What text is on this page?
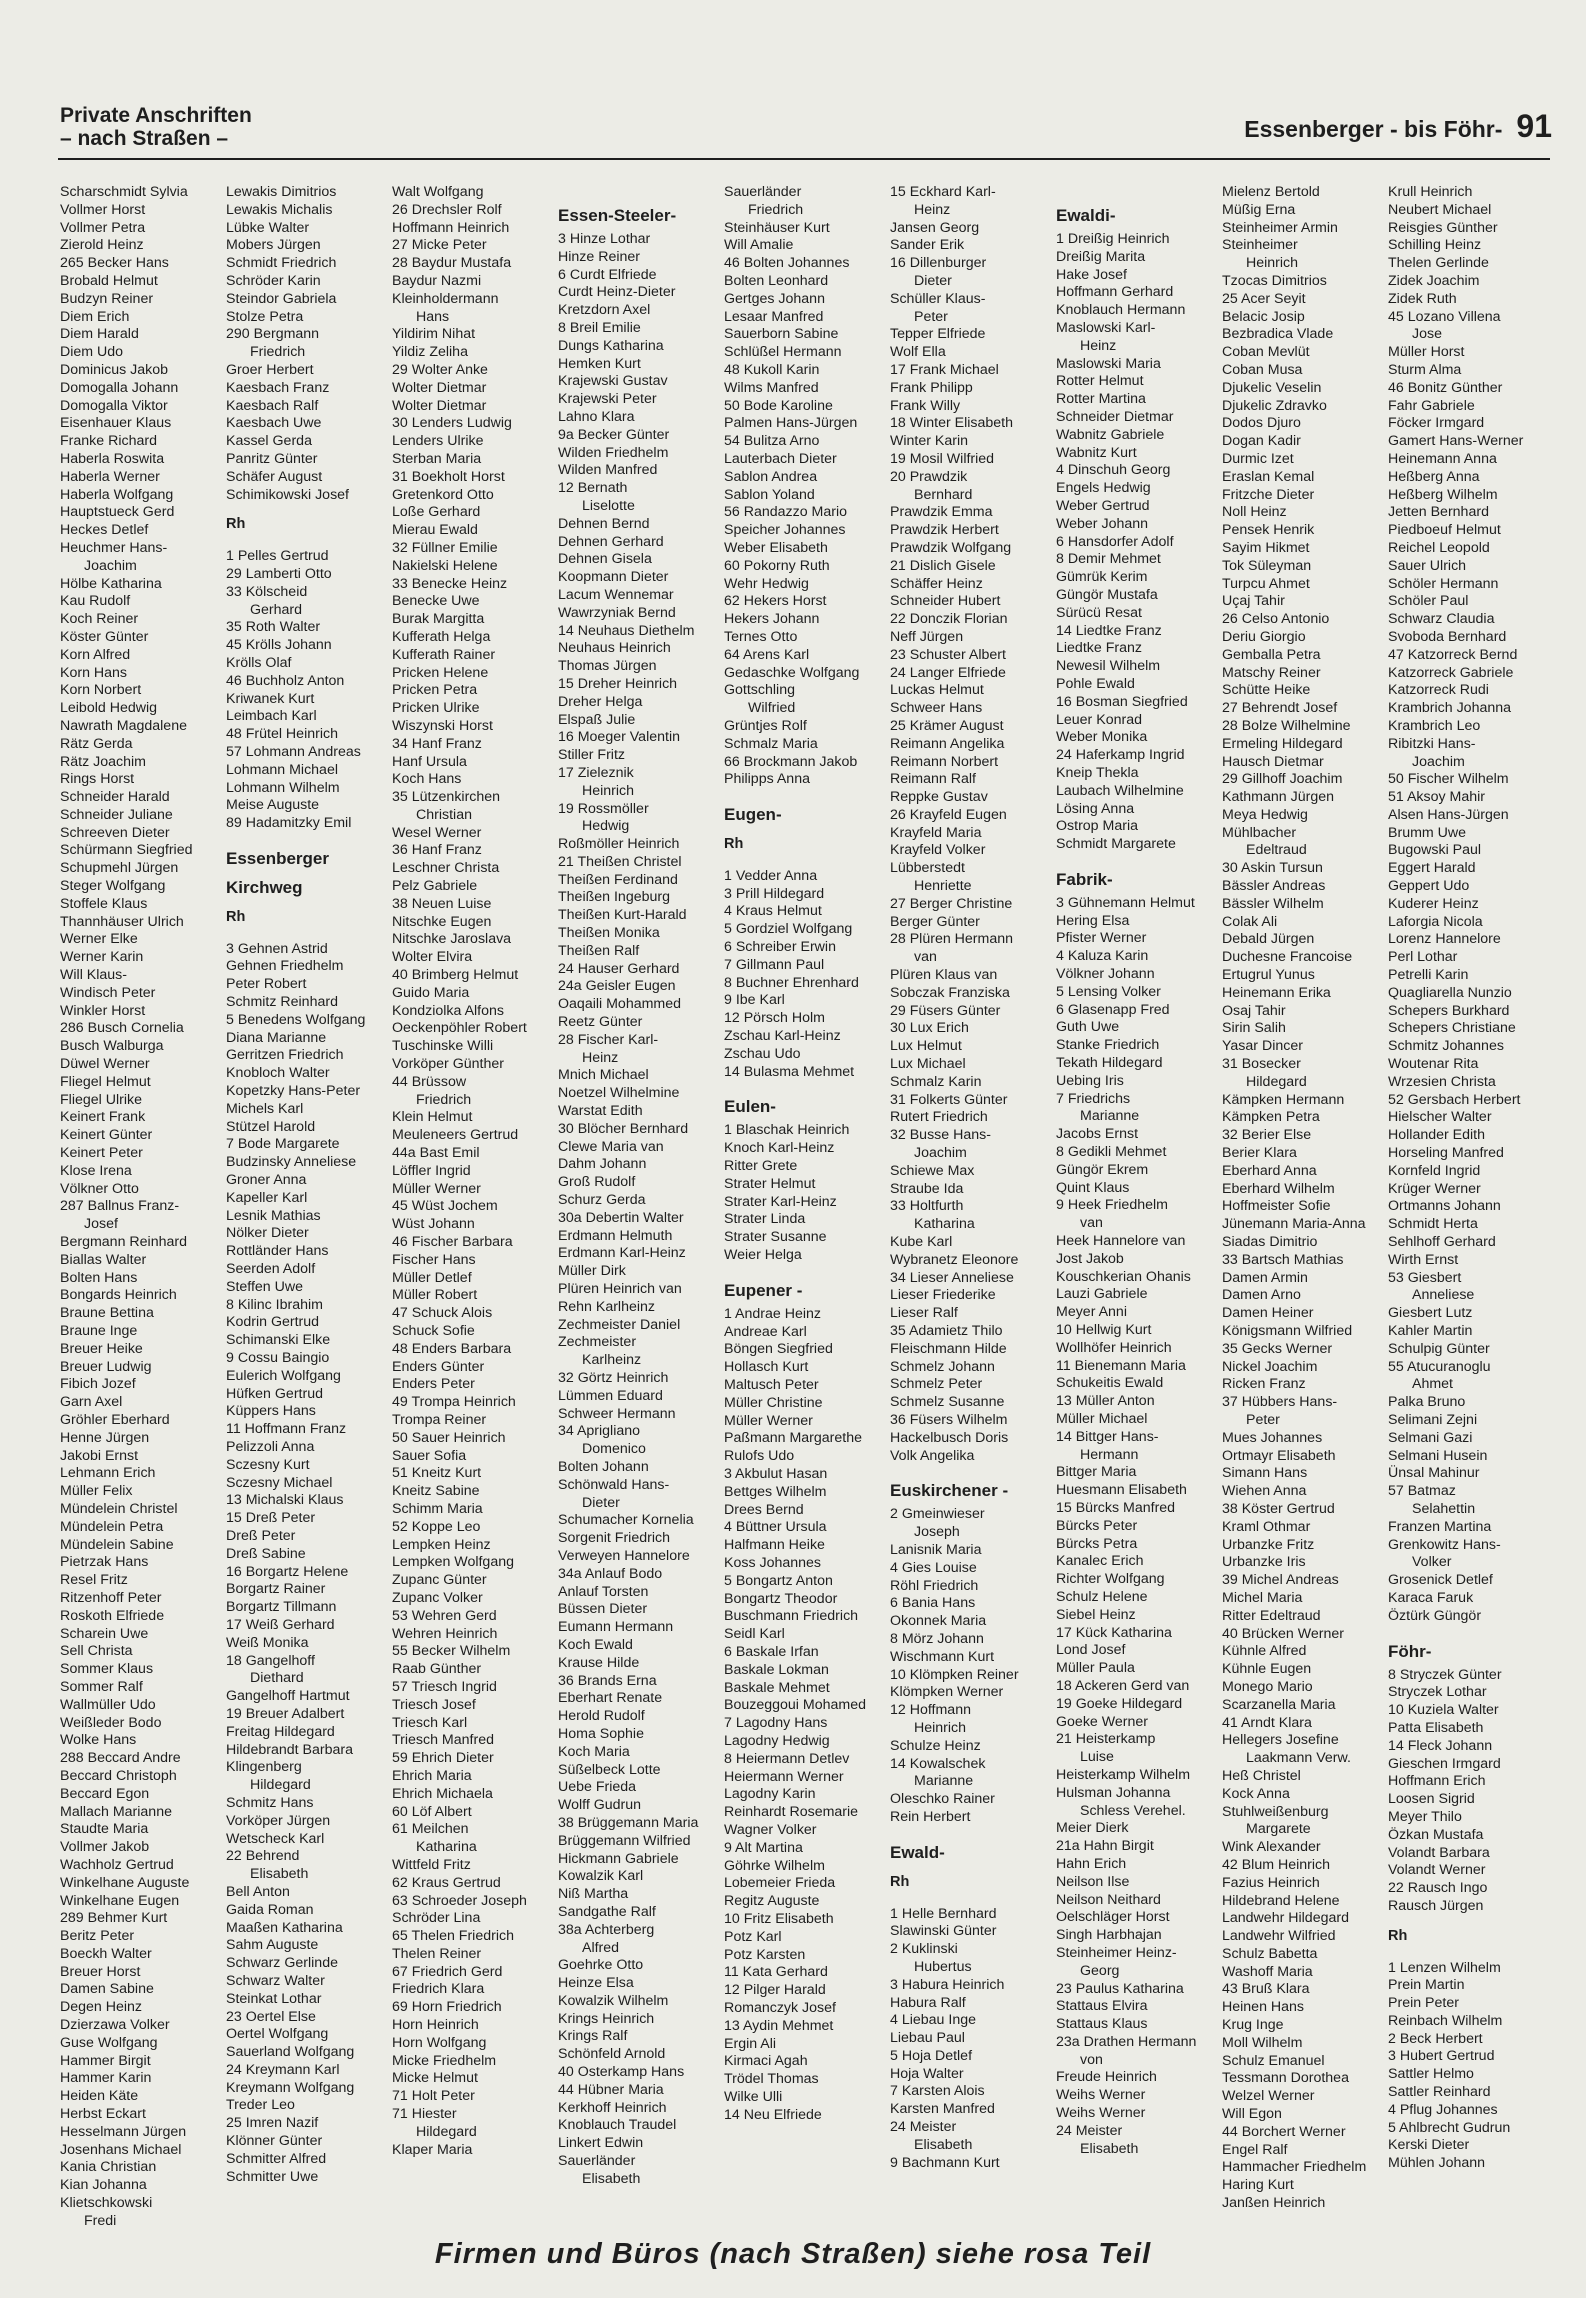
Private Anschriften
– nach Straßen –	Essenberger - bis Föhr- 91
Scharschmidt Sylvia
Vollmer Horst
Vollmer Petra
Zierold Heinz
265 Becker Hans
Brobald Helmut
Budzyn Reiner
Diem Erich
Diem Harald
Diem Udo
Dominicus Jakob
Domogalla Johann
Domogalla Viktor
Eisenhauer Klaus
Franke Richard
Haberla Roswita
Haberla Werner
Haberla Wolfgang
Hauptstueck Gerd
Heckes Detlef
Heuchmer Hans-
Joachim
Hölbe Katharina
Kau Rudolf
Koch Reiner
Köster Günter
Korn Alfred
Korn Hans
Korn Norbert
Leibold Hedwig
Nawrath Magdalene
Rätz Gerda
Rätz Joachim
Rings Horst
Schneider Harald
Schneider Juliane
Schreeven Dieter
Schürmann Siegfried
Schupmehl Jürgen
Steger Wolfgang
Stoffele Klaus
Thannhäuser Ulrich
Werner Elke
Werner Karin
Will Klaus-
Windisch Peter
Winkler Horst
286 Busch Cornelia
Busch Walburga
Düwel Werner
Fliegel Helmut
Fliegel Ulrike
Keinert Frank
Keinert Günter
Keinert Peter
Klose Irena
Völkner Otto
287 Ballnus Franz-
Josef
Bergmann Reinhard
Biallas Walter
Bolten Hans
Bongards Heinrich
Braune Bettina
Braune Inge
Breuer Heike
Breuer Ludwig
Fibich Jozef
Garn Axel
Gröhler Eberhard
Henne Jürgen
Jakobi Ernst
Lehmann Erich
Müller Felix
Mündelein Christel
Mündelein Petra
Mündelein Sabine
Pietrzak Hans
Resel Fritz
Ritzenhoff Peter
Roskoth Elfriede
Scharein Uwe
Sell Christa
Sommer Klaus
Sommer Ralf
Wallmüller Udo
Weißleder Bodo
Wolke Hans
288 Beccard Andre
Beccard Christoph
Beccard Egon
Mallach Marianne
Staudte Maria
Vollmer Jakob
Wachholz Gertrud
Winkelhane Auguste
Winkelhane Eugen
289 Behmer Kurt
Beritz Peter
Boeckh Walter
Breuer Horst
Damen Sabine
Degen Heinz
Dzierzawa Volker
Guse Wolfgang
Hammer Birgit
Hammer Karin
Heiden Käte
Herbst Eckart
Hesselmann Jürgen
Josenhans Michael
Kania Christian
Kian Johanna
Klietschkowski
Fredi
Lewakis Dimitrios
Lewakis Michalis
Lübke Walter
Mobers Jürgen
Schmidt Friedrich
Schröder Karin
Steindor Gabriela
Stolze Petra
290 Bergmann
Friedrich
Groer Herbert
Kaesbach Franz
Kaesbach Ralf
Kaesbach Uwe
Kassel Gerda
Panritz Günter
Schäfer August
Schimikowski Josef
Rh
1 Pelles Gertrud
29 Lamberti Otto
33 Kölscheid
Gerhard
35 Roth Walter
45 Krölls Johann
Krölls Olaf
46 Buchholz Anton
Kriwanek Kurt
Leimbach Karl
48 Frütel Heinrich
57 Lohmann Andreas
Lohmann Michael
Lohmann Wilhelm
Meise Auguste
89 Hadamitzky Emil
Essenberger
Kirchweg
Rh
3 Gehnen Astrid
Gehnen Friedhelm
Peter Robert
Schmitz Reinhard
5 Benedens Wolfgang
Diana Marianne
Gerritzen Friedrich
Knobloch Walter
Kopetzky Hans-Peter
Michels Karl
Stützel Harold
7 Bode Margarete
Budzinsky Anneliese
Groner Anna
Kapeller Karl
Lesnik Mathias
Nölker Dieter
Rottländer Hans
Seerden Adolf
Steffen Uwe
8 Kilinc Ibrahim
Kodrin Gertrud
Schimanski Elke
9 Cossu Baingio
Eulerich Wolfgang
Hüfken Gertrud
Küppers Hans
11 Hoffmann Franz
Pelizzoli Anna
Sczesny Kurt
Sczesny Michael
13 Michalski Klaus
15 Dreß Peter
Dreß Peter
Dreß Sabine
16 Borgartz Helene
Borgartz Rainer
Borgartz Tillmann
17 Weiß Gerhard
Weiß Monika
18 Gangelhoff
Diethard
Gangelhoff Hartmut
19 Breuer Adalbert
Freitag Hildegard
Hildebrandt Barbara
Klingenberg
Hildegard
Schmitz Hans
Vorköper Jürgen
Wetscheck Karl
22 Behrend
Elisabeth
Bell Anton
Gaida Roman
Maaßen Katharina
Sahm Auguste
Schwarz Gerlinde
Schwarz Walter
Steinkat Lothar
23 Oertel Else
Oertel Wolfgang
Sauerland Wolfgang
24 Kreymann Karl
Kreymann Wolfgang
Treder Leo
25 Imren Nazif
Klönner Günter
Schmitter Alfred
Schmitter Uwe
Walt Wolfgang
26 Drechsler Rolf
Hoffmann Heinrich
27 Micke Peter
28 Baydur Mustafa
Baydur Nazmi
Kleinholdermann
Hans
Yildirim Nihat
Yildiz Zeliha
29 Wolter Anke
Wolter Dietmar
Wolter Dietmar
30 Lenders Ludwig
Lenders Ulrike
Sterban Maria
31 Boekholt Horst
Gretenkord Otto
Loße Gerhard
Mierau Ewald
32 Füllner Emilie
Nakielski Helene
33 Benecke Heinz
Benecke Uwe
Burak Margitta
Kufferath Helga
Kufferath Rainer
Pricken Helene
Pricken Petra
Pricken Ulrike
Wiszynski Horst
34 Hanf Franz
Hanf Ursula
Koch Hans
35 Lützenkirchen
Christian
Wesel Werner
36 Hanf Franz
Leschner Christa
Pelz Gabriele
38 Neuen Luise
Nitschke Eugen
Nitschke Jaroslava
Wolter Elvira
40 Brimberg Helmut
Guido Maria
Kondziolka Alfons
Oeckenpöhler Robert
Tuschinske Willi
Vorköper Günther
44 Brüssow
Friedrich
Klein Helmut
Meuleneers Gertrud
44a Bast Emil
Löffler Ingrid
Müller Werner
45 Wüst Jochem
Wüst Johann
46 Fischer Barbara
Fischer Hans
Müller Detlef
Müller Robert
47 Schuck Alois
Schuck Sofie
48 Enders Barbara
Enders Günter
Enders Peter
49 Trompa Heinrich
Trompa Reiner
50 Sauer Heinrich
Sauer Sofia
51 Kneitz Kurt
Kneitz Sabine
Schimm Maria
52 Koppe Leo
Lempken Heinz
Lempken Wolfgang
Zupanc Günter
Zupanc Volker
53 Wehren Gerd
Wehren Heinrich
55 Becker Wilhelm
Raab Günther
57 Triesch Ingrid
Triesch Josef
Triesch Karl
Triesch Manfred
59 Ehrich Dieter
Ehrich Maria
Ehrich Michaela
60 Löf Albert
61 Meilchen
Katharina
Wittfeld Fritz
62 Kraus Gertrud
63 Schroeder Joseph
Schröder Lina
65 Thelen Friedrich
Thelen Reiner
67 Friedrich Gerd
Friedrich Klara
69 Horn Friedrich
Horn Heinrich
Horn Wolfgang
Micke Friedhelm
Micke Helmut
71 Holt Peter
71 Hiester
Hildegard
Klaper Maria
Essen-Steeler-
3 Hinze Lothar
Hinze Reiner
6 Curdt Elfriede
Curdt Heinz-Dieter
Kretzdorn Axel
8 Breil Emilie
Dungs Katharina
Hemken Kurt
Krajewski Gustav
Krajewski Peter
Lahno Klara
9a Becker Günter
Wilden Friedhelm
Wilden Manfred
12 Bernath
Liselotte
Dehnen Bernd
Dehnen Gerhard
Dehnen Gisela
Koopmann Dieter
Lacum Wennemar
Wawrzyniak Bernd
14 Neuhaus Diethelm
Neuhaus Heinrich
Thomas Jürgen
15 Dreher Heinrich
Dreher Helga
Elspaß Julie
16 Moeger Valentin
Stiller Fritz
17 Zieleznik
Heinrich
19 Rossmöller
Hedwig
Roßmöller Heinrich
21 Theißen Christel
Theißen Ferdinand
Theißen Ingeburg
Theißen Kurt-Harald
Theißen Monika
Theißen Ralf
24 Hauser Gerhard
24a Geisler Eugen
Oaqaili Mohammed
Reetz Günter
28 Fischer Karl-
Heinz
Mnich Michael
Noetzel Wilhelmine
Warstat Edith
30 Blöcher Bernhard
Clewe Maria van
Dahm Johann
Groß Rudolf
Schurz Gerda
30a Debertin Walter
Erdmann Helmuth
Erdmann Karl-Heinz
Müller Dirk
Plüren Heinrich van
Rehn Karlheinz
Zechmeister Daniel
Zechmeister
Karlheinz
32 Görtz Heinrich
Lümmen Eduard
Schweer Hermann
34 Aprigliano
Domenico
Bolten Johann
Schönwald Hans-
Dieter
Schumacher Kornelia
Sorgenit Friedrich
Verweyen Hannelore
34a Anlauf Bodo
Anlauf Torsten
Büssen Dieter
Eumann Hermann
Koch Ewald
Krause Hilde
36 Brands Erna
Eberhart Renate
Herold Rudolf
Homa Sophie
Koch Maria
Süßelbeck Lotte
Uebe Frieda
Wolff Gudrun
38 Brüggemann Maria
Brüggemann Wilfried
Hickmann Gabriele
Kowalzik Karl
Niß Martha
Sandgathe Ralf
38a Achterberg
Alfred
Goehrke Otto
Heinze Elsa
Kowalzik Wilhelm
Krings Heinrich
Krings Ralf
Schönfeld Arnold
40 Osterkamp Hans
44 Hübner Maria
Kerkhoff Heinrich
Knoblauch Traudel
Linkert Edwin
Sauerländer
Elisabeth
Sauerländer
Friedrich
Steinhäuser Kurt
Will Amalie
46 Bolten Johannes
Bolten Leonhard
Gertges Johann
Lesaar Manfred
Sauerborn Sabine
Schlüßel Hermann
48 Kukoll Karin
Wilms Manfred
50 Bode Karoline
Palmen Hans-Jürgen
54 Bulitza Arno
Lauterbach Dieter
Sablon Andrea
Sablon Yoland
56 Randazzo Mario
Speicher Johannes
Weber Elisabeth
60 Pokorny Ruth
Wehr Hedwig
62 Hekers Horst
Hekers Johann
Ternes Otto
64 Arens Karl
Gedaschke Wolfgang
Gottschling
Wilfried
Grüntjes Rolf
Schmalz Maria
66 Brockmann Jakob
Philipps Anna
Eugen-
Rh
1 Vedder Anna
3 Prill Hildegard
4 Kraus Helmut
5 Gordziel Wolfgang
6 Schreiber Erwin
7 Gillmann Paul
8 Buchner Ehrenhard
9 Ibe Karl
12 Pörsch Holm
Zschau Karl-Heinz
Zschau Udo
14 Bulasma Mehmet
Eulen-
1 Blaschak Heinrich
Knoch Karl-Heinz
Ritter Grete
Strater Helmut
Strater Karl-Heinz
Strater Linda
Strater Susanne
Weier Helga
Eupener -
1 Andrae Heinz
Andreae Karl
Böngen Siegfried
Hollasch Kurt
Maltusch Peter
Müller Christine
Müller Werner
Paßmann Margarethe
Rulofs Udo
3 Akbulut Hasan
Bettges Wilhelm
Drees Bernd
4 Büttner Ursula
Halfmann Heike
Koss Johannes
5 Bongartz Anton
Bongartz Theodor
Buschmann Friedrich
Seidl Karl
6 Baskale Irfan
Baskale Lokman
Baskale Mehmet
Bouzeggoui Mohamed
7 Lagodny Hans
Lagodny Hedwig
8 Heiermann Detlev
Heiermann Werner
Lagodny Karin
Reinhardt Rosemarie
Wagner Volker
9 Alt Martina
Göhrke Wilhelm
Lobemeier Frieda
Regitz Auguste
10 Fritz Elisabeth
Potz Karl
Potz Karsten
11 Kata Gerhard
12 Pilger Harald
Romanczyk Josef
13 Aydin Mehmet
Ergin Ali
Kirmaci Agah
Trödel Thomas
Wilke Ulli
14 Neu Elfriede
15 Eckhard Karl-
Heinz
Jansen Georg
Sander Erik
16 Dillenburger
Dieter
Schüller Klaus-
Peter
Tepper Elfriede
Wolf Ella
17 Frank Michael
Frank Philipp
Frank Willy
18 Winter Elisabeth
Winter Karin
19 Mosil Wilfried
20 Prawdzik
Bernhard
Prawdzik Emma
Prawdzik Herbert
Prawdzik Wolfgang
21 Dislich Gisele
Schäffer Heinz
Schneider Hubert
22 Donczik Florian
Neff Jürgen
23 Schuster Albert
24 Langer Elfriede
Luckas Helmut
Schweer Hans
25 Krämer August
Reimann Angelika
Reimann Norbert
Reimann Ralf
Reppke Gustav
26 Krayfeld Eugen
Krayfeld Maria
Krayfeld Volker
Lübberstedt
Henriette
27 Berger Christine
Berger Günter
28 Plüren Hermann
van
Plüren Klaus van
Sobczak Franziska
29 Füsers Günter
30 Lux Erich
Lux Helmut
Lux Michael
Schmalz Karin
31 Folkerts Günter
Rutert Friedrich
32 Busse Hans-
Joachim
Schiewe Max
Straube Ida
33 Holtfurth
Katharina
Kube Karl
Wybranetz Eleonore
34 Lieser Anneliese
Lieser Friederike
Lieser Ralf
35 Adamietz Thilo
Fleischmann Hilde
Schmelz Johann
Schmelz Peter
Schmelz Susanne
36 Füsers Wilhelm
Hackelbusch Doris
Volk Angelika
Euskirchener -
2 Gmeinwieser
Joseph
Lanisnik Maria
4 Gies Louise
Röhl Friedrich
6 Bania Hans
Okonnek Maria
8 Mörz Johann
Wischmann Kurt
10 Klömpken Reiner
Klömpken Werner
12 Hoffmann
Heinrich
Schulze Heinz
14 Kowalschek
Marianne
Oleschko Rainer
Rein Herbert
Ewald-
Rh
1 Helle Bernhard
Slawinski Günter
2 Kuklinski
Hubertus
3 Habura Heinrich
Habura Ralf
4 Liebau Inge
Liebau Paul
5 Hoja Detlef
Hoja Walter
7 Karsten Alois
Karsten Manfred
24 Meister
Elisabeth
9 Bachmann Kurt
Ewaldi-
1 Dreißig Heinrich
Dreißig Marita
Hake Josef
Hoffmann Gerhard
Knoblauch Hermann
Maslowski Karl-
Heinz
Maslowski Maria
Rotter Helmut
Rotter Martina
Schneider Dietmar
Wabnitz Gabriele
Wabnitz Kurt
4 Dinschuh Georg
Engels Hedwig
Weber Gertrud
Weber Johann
6 Hansdorfer Adolf
8 Demir Mehmet
Gümrük Kerim
Güngör Mustafa
Sürücü Resat
14 Liedtke Franz
Liedtke Franz
Newesil Wilhelm
Pohle Ewald
16 Bosman Siegfried
Leuer Konrad
Weber Monika
24 Haferkamp Ingrid
Kneip Thekla
Laubach Wilhelmine
Lösing Anna
Ostrop Maria
Schmidt Margarete
Fabrik-
3 Gühnemann Helmut
Hering Elsa
Pfister Werner
4 Kaluza Karin
Völkner Johann
5 Lensing Volker
6 Glasenapp Fred
Guth Uwe
Stanke Friedrich
Tekath Hildegard
Uebing Iris
7 Friedrichs
Marianne
Jacobs Ernst
8 Gedikli Mehmet
Güngör Ekrem
Quint Klaus
9 Heek Friedhelm
van
Heek Hannelore van
Jost Jakob
Kouschkerian Ohanis
Lauzi Gabriele
Meyer Anni
10 Hellwig Kurt
Wollhöfer Heinrich
11 Bienemann Maria
Schukeitis Ewald
13 Müller Anton
Müller Michael
14 Bittger Hans-
Hermann
Bittger Maria
Huesmann Elisabeth
15 Bürcks Manfred
Bürcks Peter
Bürcks Petra
Kanalec Erich
Richter Wolfgang
Schulz Helene
Siebel Heinz
17 Kück Katharina
Lond Josef
Müller Paula
18 Ackeren Gerd van
19 Goeke Hildegard
Goeke Werner
21 Heisterkamp
Luise
Heisterkamp Wilhelm
Hulsman Johanna
Schless Verehel.
Meier Dierk
21a Hahn Birgit
Hahn Erich
Neilson Ilse
Neilson Neithard
Oelschläger Horst
Singh Harbhajan
Steinheimer Heinz-
Georg
23 Paulus Katharina
Stattaus Elvira
Stattaus Klaus
23a Drathen Hermann
von
Freude Heinrich
Weihs Werner
Weihs Werner
24 Meister
Elisabeth
Mielenz Bertold
Müßig Erna
Steinheimer Armin
Steinheimer
Heinrich
Tzocas Dimitrios
25 Acer Seyit
Belacic Josip
Bezbradica Vlade
Coban Mevlüt
Coban Musa
Djukelic Veselin
Djukelic Zdravko
Dodos Djuro
Dogan Kadir
Durmic Izet
Eraslan Kemal
Fritzche Dieter
Noll Heinz
Pensek Henrik
Sayim Hikmet
Tok Süleyman
Turpcu Ahmet
Uçaj Tahir
26 Celso Antonio
Deriu Giorgio
Gemballa Petra
Matschy Reiner
Schütte Heike
27 Behrendt Josef
28 Bolze Wilhelmine
Ermeling Hildegard
Hausch Dietmar
29 Gillhoff Joachim
Kathmann Jürgen
Meya Hedwig
Mühlbacher
Edeltraud
30 Askin Tursun
Bässler Andreas
Bässler Wilhelm
Colak Ali
Debald Jürgen
Duchesne Francoise
Ertugrul Yunus
Heinemann Erika
Osaj Tahir
Sirin Salih
Yasar Dincer
31 Bosecker
Hildegard
Kämpken Hermann
Kämpken Petra
32 Berier Else
Berier Klara
Eberhard Anna
Eberhard Wilhelm
Hoffmeister Sofie
Jünemann Maria-Anna
Siadas Dimitrio
33 Bartsch Mathias
Damen Armin
Damen Arno
Damen Heiner
Königsmann Wilfried
35 Gecks Werner
Nickel Joachim
Ricken Franz
37 Hübbers Hans-
Peter
Mues Johannes
Ortmayr Elisabeth
Simann Hans
Wiehen Anna
38 Köster Gertrud
Kraml Othmar
Urbanzke Fritz
Urbanzke Iris
39 Michel Andreas
Michel Maria
Ritter Edeltraud
40 Brücken Werner
Kühnle Alfred
Kühnle Eugen
Monego Mario
Scarzanella Maria
41 Arndt Klara
Hellegers Josefine
Laakmann Verw.
Heß Christel
Kock Anna
Stuhlweißenburg
Margarete
Wink Alexander
42 Blum Heinrich
Fazius Heinrich
Hildebrand Helene
Landwehr Hildegard
Landwehr Wilfried
Schulz Babetta
Washoff Maria
43 Bruß Klara
Heinen Hans
Krug Inge
Moll Wilhelm
Schulz Emanuel
Tessmann Dorothea
Welzel Werner
Will Egon
44 Borchert Werner
Engel Ralf
Hammacher Friedhelm
Haring Kurt
Janßen Heinrich
Krull Heinrich
Neubert Michael
Reisgies Günther
Schilling Heinz
Thelen Gerlinde
Zidek Joachim
Zidek Ruth
45 Lozano Villena
Jose
Müller Horst
Sturm Alma
46 Bonitz Günther
Fahr Gabriele
Föcker Irmgard
Gamert Hans-Werner
Heinemann Anna
Heßberg Anna
Heßberg Wilhelm
Jetten Bernhard
Piedboeuf Helmut
Reichel Leopold
Sauer Ulrich
Schöler Hermann
Schöler Paul
Schwarz Claudia
Svoboda Bernhard
47 Katzorreck Bernd
Katzorreck Gabriele
Katzorreck Rudi
Krambrich Johanna
Krambrich Leo
Ribitzki Hans-
Joachim
50 Fischer Wilhelm
51 Aksoy Mahir
Alsen Hans-Jürgen
Brumm Uwe
Bugowski Paul
Eggert Harald
Geppert Udo
Kuderer Heinz
Laforgia Nicola
Lorenz Hannelore
Perl Lothar
Petrelli Karin
Quagliarella Nunzio
Schepers Burkhard
Schepers Christiane
Schmitz Johannes
Woutenar Rita
Wrzesien Christa
52 Gersbach Herbert
Hielscher Walter
Hollander Edith
Horseling Manfred
Kornfeld Ingrid
Krüger Werner
Ortmanns Johann
Schmidt Herta
Sehlhoff Gerhard
Wirth Ernst
53 Giesbert
Anneliese
Giesbert Lutz
Kahler Martin
Schulpig Günter
55 Atucuranoglu
Ahmet
Palka Bruno
Selimani Zejni
Selmani Gazi
Selmani Husein
Ünsal Mahinur
57 Batmaz
Selahettin
Franzen Martina
Grenkowitz Hans-
Volker
Grosenick Detlef
Karaca Faruk
Öztürk Güngör
Föhr-
8 Stryczek Günter
Stryczek Lothar
10 Kuziela Walter
Patta Elisabeth
14 Fleck Johann
Gieschen Irmgard
Hoffmann Erich
Loosen Sigrid
Meyer Thilo
Özkan Mustafa
Volandt Barbara
Volandt Werner
22 Rausch Ingo
Rausch Jürgen
Rh
1 Lenzen Wilhelm
Prein Martin
Prein Peter
Reinbach Wilhelm
2 Beck Herbert
3 Hubert Gertrud
Sattler Helmo
Sattler Reinhard
4 Pflug Johannes
5 Ahlbrecht Gudrun
Kerski Dieter
Mühlen Johann
Firmen und Büros (nach Straßen) siehe rosa Teil
